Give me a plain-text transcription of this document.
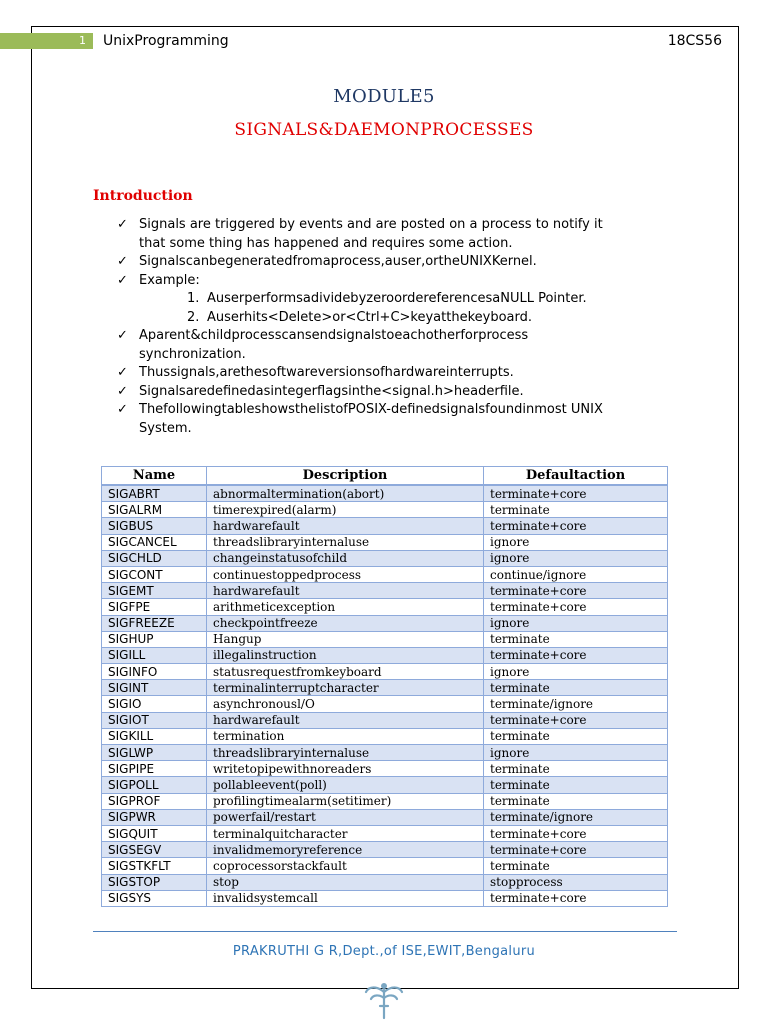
1	UnixProgramming	18CS56
MODULE5
SIGNALS&DAEMONPROCESSES
Introduction
✓ Signals are triggered by events and are posted on a process to notify it
that some thing has happened and requires some action.
✓ Signalscanbegeneratedfromaprocess,auser,ortheUNIXKernel.
✓ Example:
1. AuserperformsadividebyzeroordereferencesaNULL Pointer.
2. Auserhits<Delete>or<Ctrl+C>keyatthekeyboard.
✓ Aparent&childprocesscansendsignalstoeachotherforprocess
synchronization.
✓ Thussignals,arethesoftwareversionsofhardwareinterrupts.
✓ Signalsaredefinedasintegerflagsinthe<signal.h>headerfile.
✓ ThefollowingtableshowsthelistofPOSIX-definedsignalsfoundinmost UNIX
System.
Name	Description	Defaultaction
SIGABRT	abnormaltermination(abort)	terminate+core
SIGALRM	timerexpired(alarm)	terminate
SIGBUS	hardwarefault	terminate+core
SIGCANCEL	threadslibraryinternaluse	ignore
SIGCHLD	changeinstatusofchild	ignore
SIGCONT	continuestoppedprocess	continue/ignore
SIGEMT	hardwarefault	terminate+core
SIGFPE	arithmeticexception	terminate+core
SIGFREEZE	checkpointfreeze	ignore
SIGHUP	Hangup	terminate
SIGILL	illegalinstruction	terminate+core
SIGINFO	statusrequestfromkeyboard	ignore
SIGINT	terminalinterruptcharacter	terminate
SIGIO	asynchronousl/O	terminate/ignore
SIGIOT	hardwarefault	terminate+core
SIGKILL	termination	terminate
SIGLWP	threadslibraryinternaluse	ignore
SIGPIPE	writetopipewithnoreaders	terminate
SIGPOLL	pollableevent(poll)	terminate
SIGPROF	profilingtimealarm(setitimer)	terminate
SIGPWR	powerfail/restart	terminate/ignore
SIGQUIT	terminalquitcharacter	terminate+core
SIGSEGV	invalidmemoryreference	terminate+core
SIGSTKFLT	coprocessorstackfault	terminate
SIGSTOP	stop	stopprocess
SIGSYS	invalidsystemcall	terminate+core
PRAKRUTHI G R,Dept.,of ISE,EWIT,Bengaluru
